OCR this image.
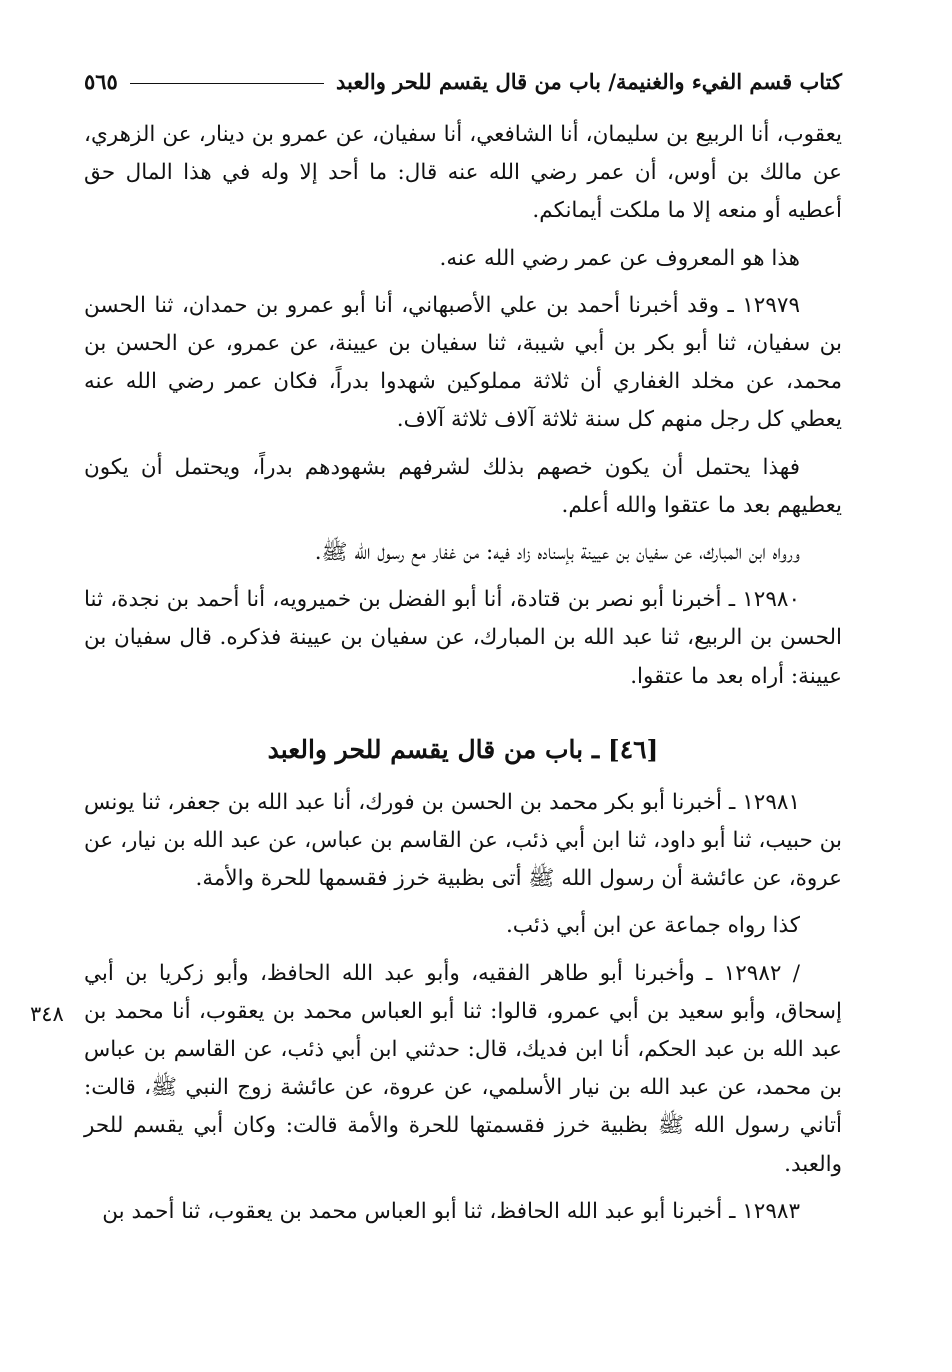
كتاب قسم الفيء والغنيمة/ باب من قال يقسم للحر والعبد
٥٦٥
٣٤٨

يعقوب، أنا الربيع بن سليمان، أنا الشافعي، أنا سفيان، عن عمرو بن دينار، عن الزهري، عن مالك بن أوس، أن عمر رضي الله عنه قال: ما أحد إلا وله في هذا المال حق أعطيه أو منعه إلا ما ملكت أيمانكم.

هذا هو المعروف عن عمر رضي الله عنه.

١٢٩٧٩ ـ وقد أخبرنا أحمد بن علي الأصبهاني، أنا أبو عمرو بن حمدان، ثنا الحسن بن سفيان، ثنا أبو بكر بن أبي شيبة، ثنا سفيان بن عيينة، عن عمرو، عن الحسن بن محمد، عن مخلد الغفاري أن ثلاثة مملوكين شهدوا بدراً، فكان عمر رضي الله عنه يعطي كل رجل منهم كل سنة ثلاثة آلاف ثلاثة آلاف.

فهذا يحتمل أن يكون خصهم بذلك لشرفهم بشهودهم بدراً، ويحتمل أن يكون يعطيهم بعد ما عتقوا والله أعلم.

ورواه ابن المبارك، عن سفيان بن عيينة بإسناده زاد فيه: من غفار مع رسول الله ﷺ.

١٢٩٨٠ ـ أخبرنا أبو نصر بن قتادة، أنا أبو الفضل بن خميرويه، أنا أحمد بن نجدة، ثنا الحسن بن الربيع، ثنا عبد الله بن المبارك، عن سفيان بن عيينة فذكره. قال سفيان بن عيينة: أراه بعد ما عتقوا.

[٤٦] ـ باب من قال يقسم للحر والعبد

١٢٩٨١ ـ أخبرنا أبو بكر محمد بن الحسن بن فورك، أنا عبد الله بن جعفر، ثنا يونس بن حبيب، ثنا أبو داود، ثنا ابن أبي ذئب، عن القاسم بن عباس، عن عبد الله بن نيار، عن عروة، عن عائشة أن رسول الله ﷺ أتى بظبية خرز فقسمها للحرة والأمة.

كذا رواه جماعة عن ابن أبي ذئب.

/ ١٢٩٨٢ ـ وأخبرنا أبو طاهر الفقيه، وأبو عبد الله الحافظ، وأبو زكريا بن أبي إسحاق، وأبو سعيد بن أبي عمرو، قالوا: ثنا أبو العباس محمد بن يعقوب، أنا محمد بن عبد الله بن عبد الحكم، أنا ابن فديك، قال: حدثني ابن أبي ذئب، عن القاسم بن عباس بن محمد، عن عبد الله بن نيار الأسلمي، عن عروة، عن عائشة زوج النبي ﷺ، قالت: أتاني رسول الله ﷺ بظبية خرز فقسمتها للحرة والأمة قالت: وكان أبي يقسم للحر والعبد.

١٢٩٨٣ ـ أخبرنا أبو عبد الله الحافظ، ثنا أبو العباس محمد بن يعقوب، ثنا أحمد بن
